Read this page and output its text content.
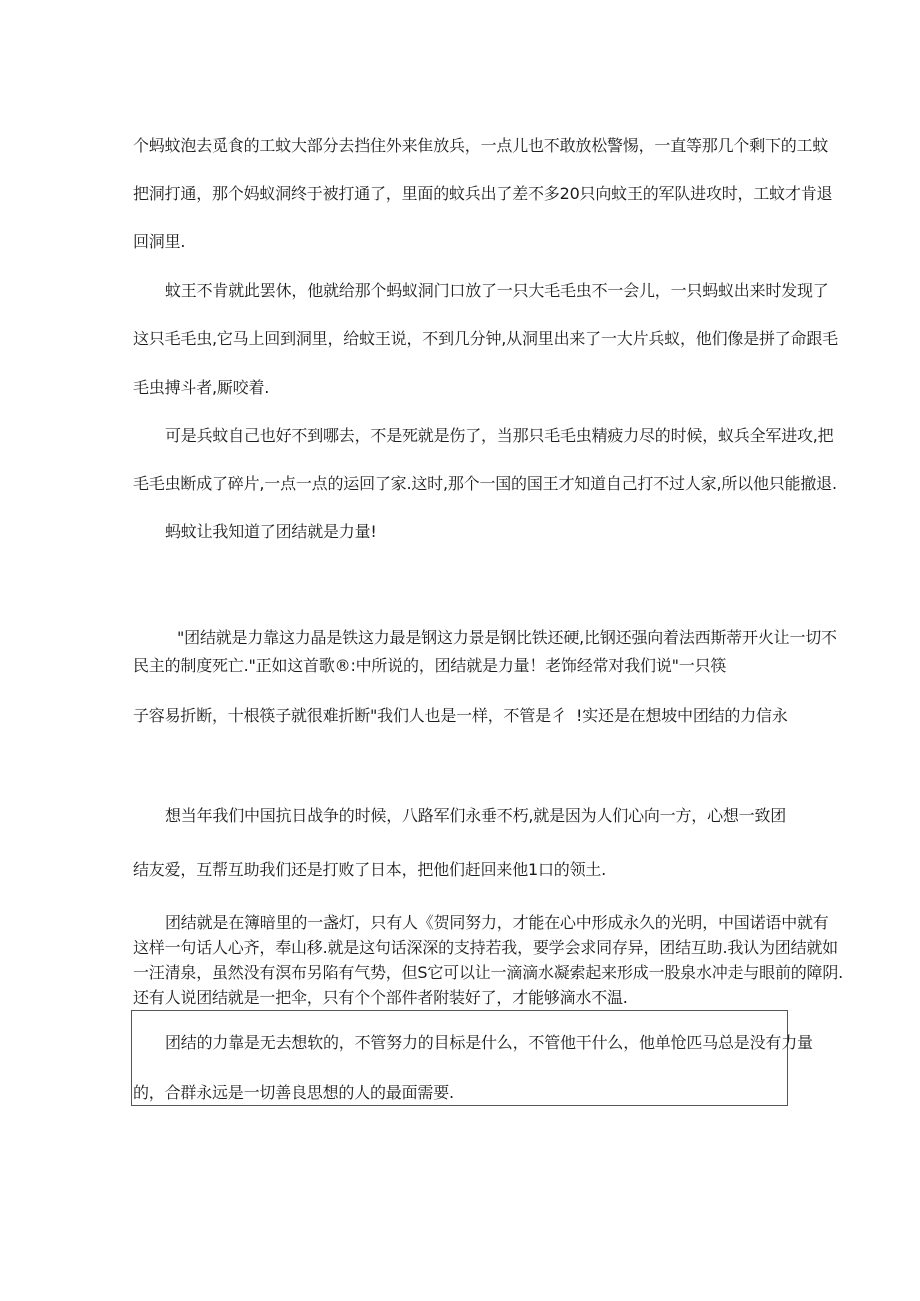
个蚂蚊泡去觅食的工蚊大部分去挡住外来隹放兵，一点儿也不敢放松警惕，一直等那几个剩下的工蚊
把洞打通，那个妈蚁洞终于被打通了，里面的蚊兵出了差不多20只向蚊王的军队进攻时，工蚊才肯退
回洞里.
蚊王不肯就此罢休，他就给那个蚂蚁洞门口放了一只大毛毛虫不一会儿，一只蚂蚁出来时发现了
这只毛毛虫,它马上回到洞里，给蚊王说，不到几分钟,从洞里出来了一大片兵蚁，他们像是拼了命跟毛
毛虫搏斗者,厮咬着.
可是兵蚊自己也好不到哪去，不是死就是伤了，当那只毛毛虫精疲力尽的时候，蚁兵全军进攻,把
毛毛虫断成了碎片,一点一点的运回了家.这时,那个一国的国王才知道自己打不过人家,所以他只能撤退.
蚂蚊让我知道了团结就是力量!
"团结就是力靠这力晶是铁这力最是钢这力景是钢比铁还硬,比钢还强向着法西斯蒂开火让一切不
民主的制度死亡."正如这首歌®:中所说的，团结就是力量！老饰经常对我们说"一只筷
子容易折断，十根筷子就很难折断"我们人也是一样，不管是彳 !实还是在想坡中团结的力信永
想当年我们中国抗日战争的时候，八路军们永垂不朽,就是因为人们心向一方，心想一致团
结友爱，互帮互助我们还是打败了日本，把他们赶回来他1口的领土.
团结就是在簿暗里的一盏灯，只有人《贺同努力，才能在心中形成永久的光明，中国诺语中就有
这样一句话人心齐，奉山移.就是这句话深深的支持若我，要学会求同存异，团结互助.我认为团结就如
一汪清泉，虽然没有溟布另陷有气势，但S它可以让一滴滴水凝索起来形成一股泉水冲走与眼前的障阴.
还有人说团结就是一把伞，只有个个部件者附装好了，才能够滴水不温.
团结的力靠是无去想软的，不管努力的目标是什么，不管他干什么，他单怆匹马总是没有力量
的，合群永远是一切善良思想的人的最面需要.
